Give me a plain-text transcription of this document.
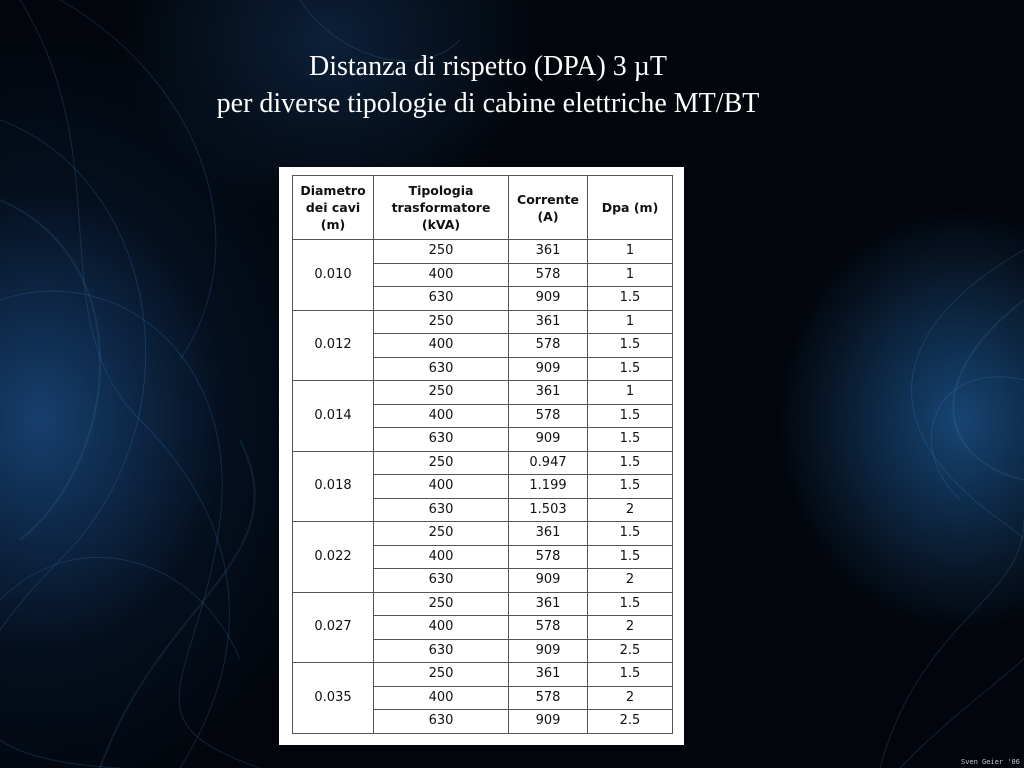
Distanza di rispetto (DPA) 3 µT
per diverse tipologie di cabine elettriche MT/BT
Diametro dei cavi (m)	Tipologia trasformatore (kVA)	Corrente (A)	Dpa (m)
0.010	250	361	1
	400	578	1
	630	909	1.5
0.012	250	361	1
	400	578	1.5
	630	909	1.5
0.014	250	361	1
	400	578	1.5
	630	909	1.5
0.018	250	0.947	1.5
	400	1.199	1.5
	630	1.503	2
0.022	250	361	1.5
	400	578	1.5
	630	909	2
0.027	250	361	1.5
	400	578	2
	630	909	2.5
0.035	250	361	1.5
	400	578	2
	630	909	2.5
Sven Geier '06
